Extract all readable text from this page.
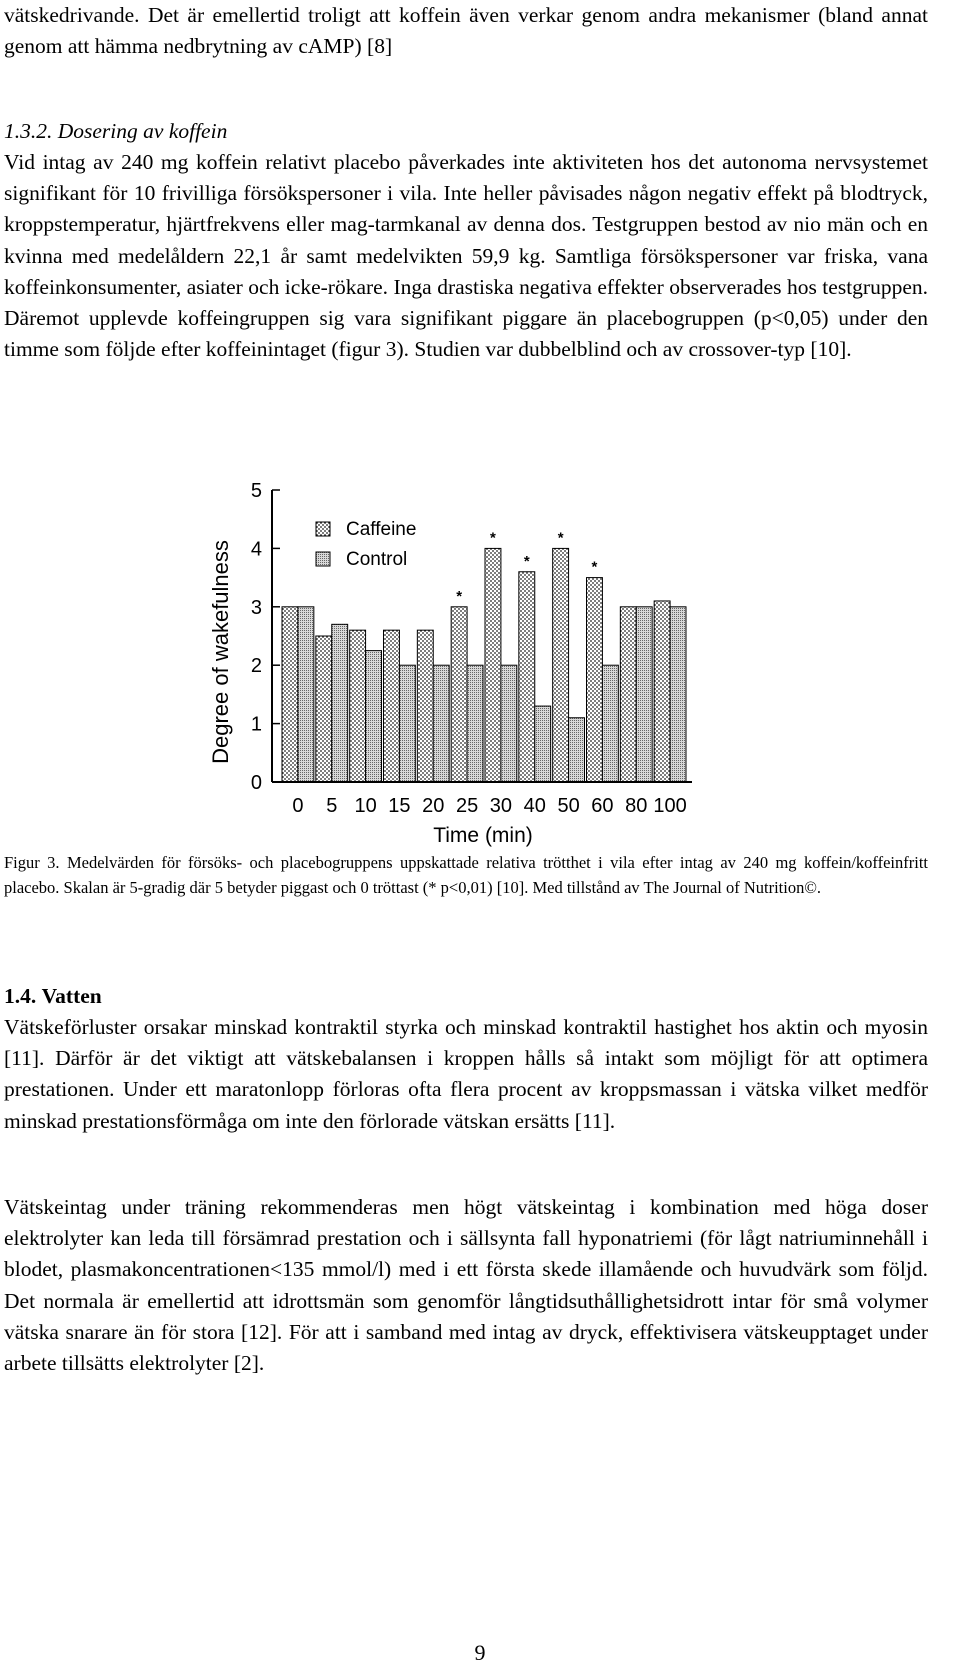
vätskedrivande. Det är emellertid troligt att koffein även verkar genom andra mekanismer (bland annat genom att hämma nedbrytning av cAMP) [8]

1.3.2. Dosering av koffein

Vid intag av 240 mg koffein relativt placebo påverkades inte aktiviteten hos det autonoma nervsystemet signifikant för 10 frivilliga försökspersoner i vila. Inte heller påvisades någon negativ effekt på blodtryck, kroppstemperatur, hjärtfrekvens eller mag-tarmkanal av denna dos. Testgruppen bestod av nio män och en kvinna med medelåldern 22,1 år samt medelvikten 59,9 kg. Samtliga försökspersoner var friska, vana koffeinkonsumenter, asiater och icke-rökare. Inga drastiska negativa effekter observerades hos testgruppen. Däremot upplevde koffeingruppen sig vara signifikant piggare än placebogruppen (p<0,05) under den timme som följde efter koffeinintaget (figur 3). Studien var dubbelblind och av crossover-typ [10].

Degree of wakefulness
0
1
2
3
4
5
*
*
*
*
*
0 5 10 15 20 25 30 40 50 60 80 100
Caffeine
Control
Time (min)

Figur 3. Medelvärden för försöks- och placebogruppens uppskattade relativa trötthet i vila efter intag av 240 mg koffein/koffeinfritt placebo. Skalan är 5-gradig där 5 betyder piggast och 0 tröttast (* p<0,01) [10]. Med tillstånd av The Journal of Nutrition©.

1.4. Vatten

Vätskeförluster orsakar minskad kontraktil styrka och minskad kontraktil hastighet hos aktin och myosin [11]. Därför är det viktigt att vätskebalansen i kroppen hålls så intakt som möjligt för att optimera prestationen. Under ett maratonlopp förloras ofta flera procent av kroppsmassan i vätska vilket medför minskad prestationsförmåga om inte den förlorade vätskan ersätts [11].

Vätskeintag under träning rekommenderas men högt vätskeintag i kombination med höga doser elektrolyter kan leda till försämrad prestation och i sällsynta fall hyponatriemi (för lågt natriuminnehåll i blodet, plasmakoncentrationen<135 mmol/l) med i ett första skede illamående och huvudvärk som följd. Det normala är emellertid att idrottsmän som genomför långtidsuthållighetsidrott intar för små volymer vätska snarare än för stora [12]. För att i samband med intag av dryck, effektivisera vätskeupptaget under arbete tillsätts elektrolyter [2].

9
